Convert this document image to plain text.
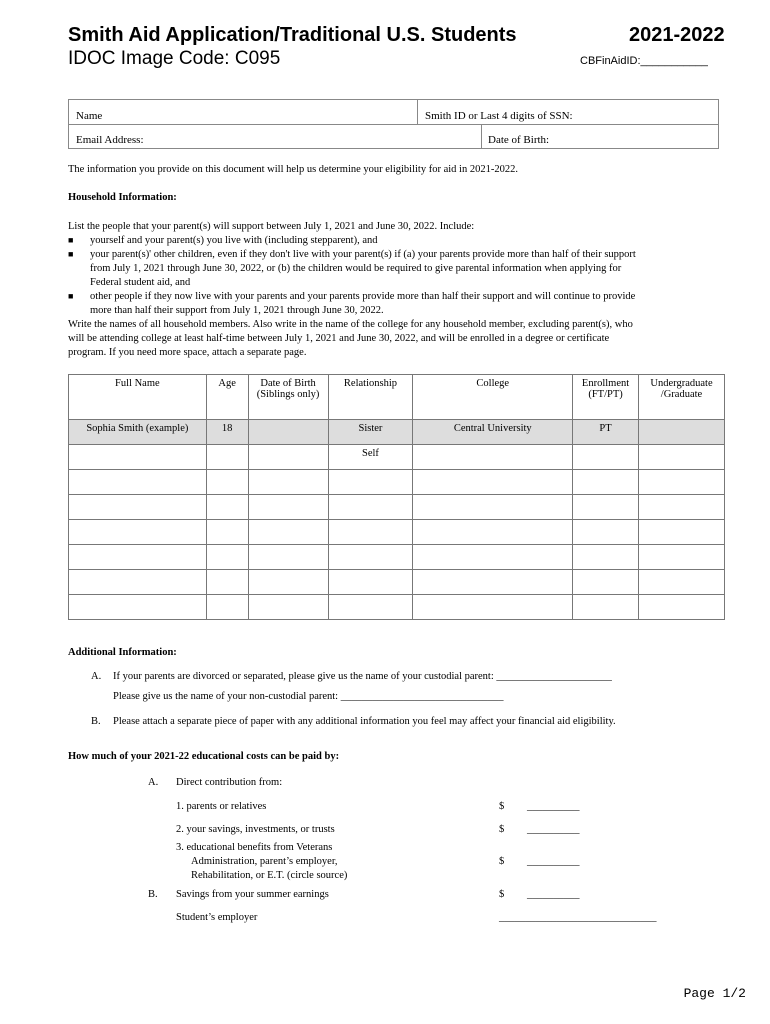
Smith Aid Application/Traditional U.S. Students	2021-2022
IDOC Image Code: C095	CBFinAidID:___________
Name	Smith ID or Last 4 digits of SSN:
Email Address:	Date of Birth:
The information you provide on this document will help us determine your eligibility for aid in 2021-2022.
Household Information:
List the people that your parent(s) will support between July 1, 2021 and June 30, 2022. Include:
■ yourself and your parent(s) you live with (including stepparent), and
■ your parent(s)' other children, even if they don't live with your parent(s) if (a) your parents provide more than half of their support
from July 1, 2021 through June 30, 2022, or (b) the children would be required to give parental information when applying for
Federal student aid, and
■ other people if they now live with your parents and your parents provide more than half their support and will continue to provide
more than half their support from July 1, 2021 through June 30, 2022.
Write the names of all household members. Also write in the name of the college for any household member, excluding parent(s), who
will be attending college at least half-time between July 1, 2021 and June 30, 2022, and will be enrolled in a degree or certificate
program. If you need more space, attach a separate page.
Full Name	Age	Date of Birth (Siblings only)	Relationship	College	Enrollment (FT/PT)	Undergraduate /Graduate
Sophia Smith (example)	18		Sister	Central University	PT	
			Self			

Additional Information:
A. If your parents are divorced or separated, please give us the name of your custodial parent: ______________________
Please give us the name of your non-custodial parent: _______________________________
B. Please attach a separate piece of paper with any additional information you feel may affect your financial aid eligibility.
How much of your 2021-22 educational costs can be paid by:
A. Direct contribution from:
1. parents or relatives	$ __________
2. your savings, investments, or trusts	$ __________
3. educational benefits from Veterans
Administration, parent’s employer,
Rehabilitation, or E.T. (circle source)
$ __________
B. Savings from your summer earnings	$ __________
Student’s employer	______________________________
Page 1/2
